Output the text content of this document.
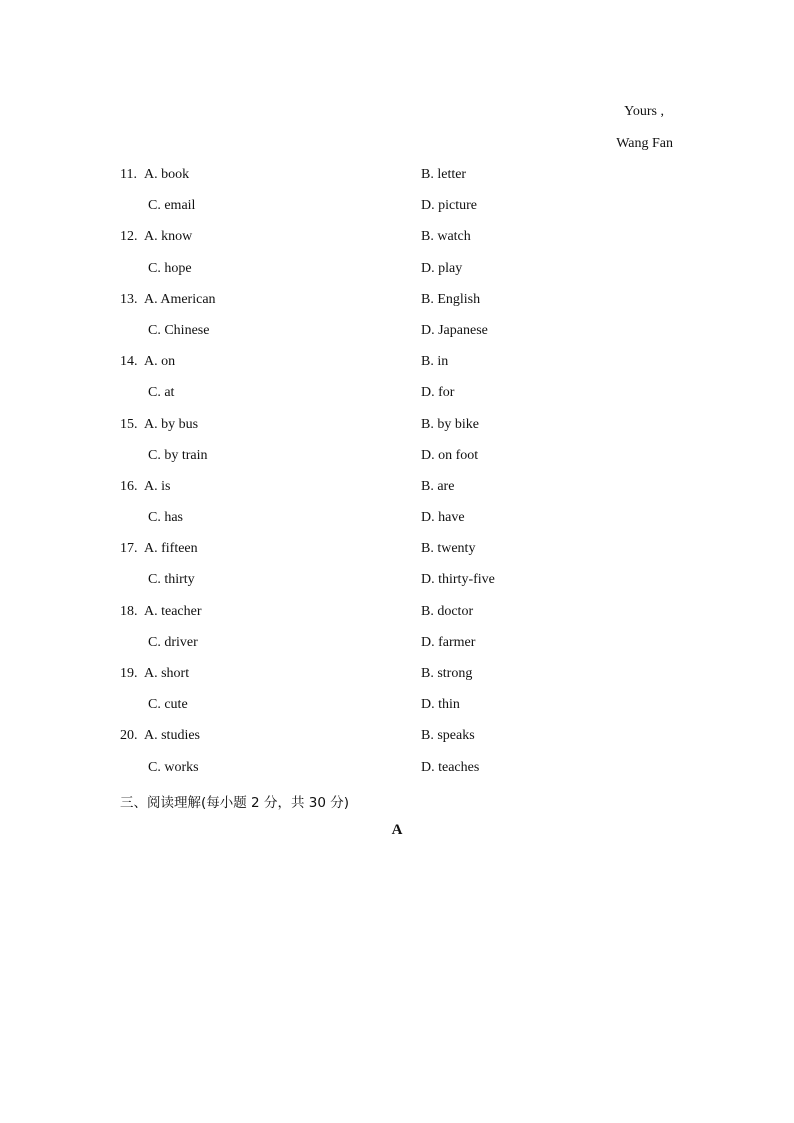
Yours ,
Wang Fan
11. A. book	B. letter
C. email	D. picture
12. A. know	B. watch
C. hope	D. play
13. A. American	B. English
C. Chinese	D. Japanese
14. A. on	B. in
C. at	D. for
15. A. by bus	B. by bike
C. by train	D. on foot
16. A. is	B. are
C. has	D. have
17. A. fifteen	B. twenty
C. thirty	D. thirty-five
18. A. teacher	B. doctor
C. driver	D. farmer
19. A. short	B. strong
C. cute	D. thin
20. A. studies	B. speaks
C. works	D. teaches
三、阅读理解(每小题 2 分，共 30 分)
A
